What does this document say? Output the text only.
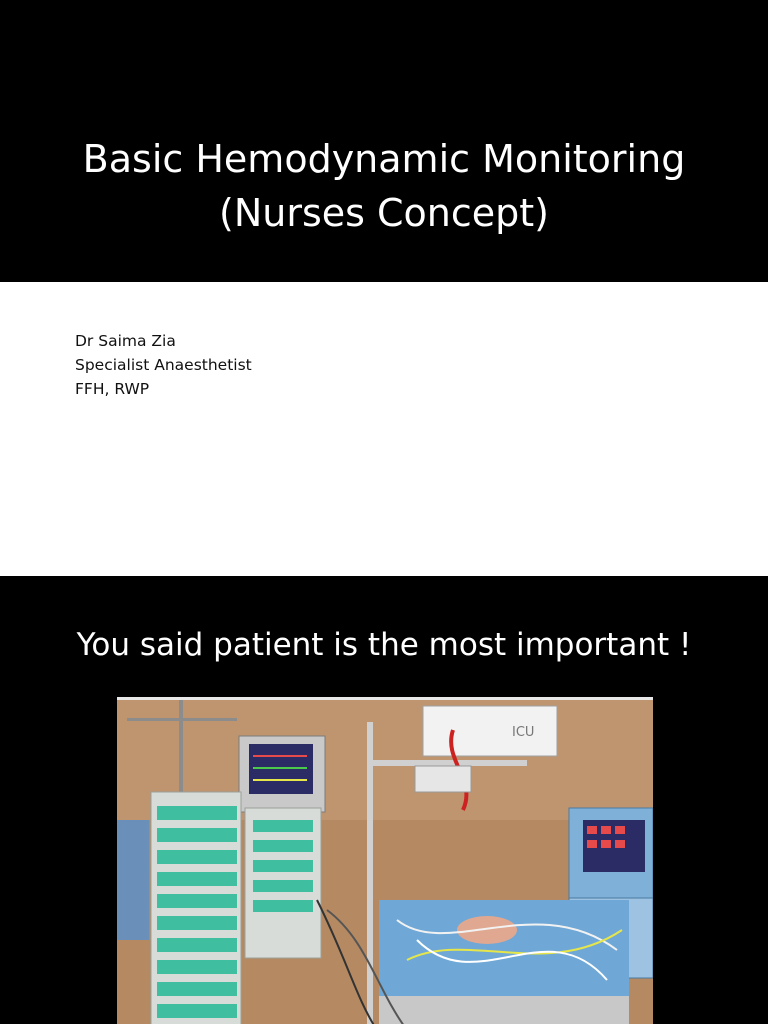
Basic Hemodynamic Monitoring
(Nurses Concept)
Dr Saima Zia
Specialist Anaesthetist
FFH, RWP
You said patient is the most important !
ICU
